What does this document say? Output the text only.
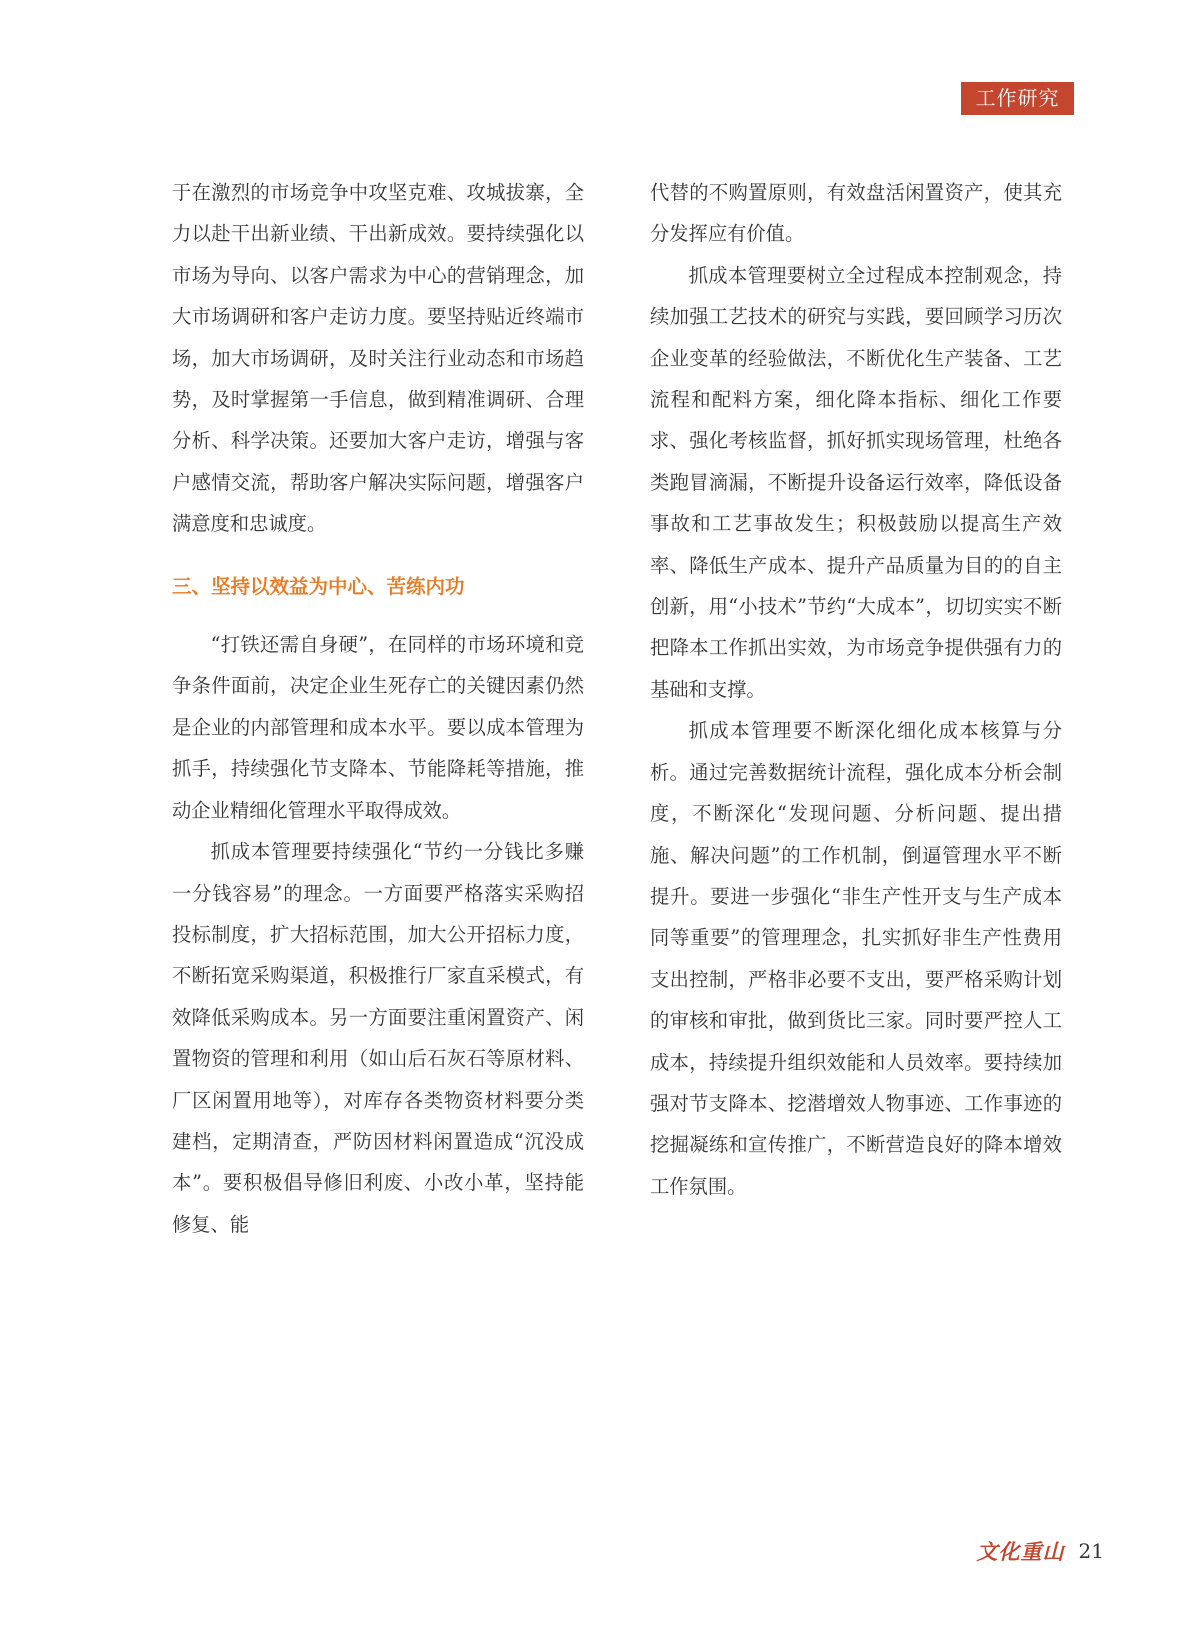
工作研究

于在激烈的市场竞争中攻坚克难、攻城拔寨，全力以赴干出新业绩、干出新成效。要持续强化以市场为导向、以客户需求为中心的营销理念，加大市场调研和客户走访力度。要坚持贴近终端市场，加大市场调研，及时关注行业动态和市场趋势，及时掌握第一手信息，做到精准调研、合理分析、科学决策。还要加大客户走访，增强与客户感情交流，帮助客户解决实际问题，增强客户满意度和忠诚度。

三、坚持以效益为中心、苦练内功

“打铁还需自身硬”，在同样的市场环境和竞争条件面前，决定企业生死存亡的关键因素仍然是企业的内部管理和成本水平。要以成本管理为抓手，持续强化节支降本、节能降耗等措施，推动企业精细化管理水平取得成效。

抓成本管理要持续强化“节约一分钱比多赚一分钱容易”的理念。一方面要严格落实采购招投标制度，扩大招标范围，加大公开招标力度，不断拓宽采购渠道，积极推行厂家直采模式，有效降低采购成本。另一方面要注重闲置资产、闲置物资的管理和利用（如山后石灰石等原材料、厂区闲置用地等），对库存各类物资材料要分类建档，定期清查，严防因材料闲置造成“沉没成本”。要积极倡导修旧利废、小改小革，坚持能修复、能

代替的不购置原则，有效盘活闲置资产，使其充分发挥应有价值。

抓成本管理要树立全过程成本控制观念，持续加强工艺技术的研究与实践，要回顾学习历次企业变革的经验做法，不断优化生产装备、工艺流程和配料方案，细化降本指标、细化工作要求、强化考核监督，抓好抓实现场管理，杜绝各类跑冒滴漏，不断提升设备运行效率，降低设备事故和工艺事故发生；积极鼓励以提高生产效率、降低生产成本、提升产品质量为目的的自主创新，用“小技术”节约“大成本”，切切实实不断把降本工作抓出实效，为市场竞争提供强有力的基础和支撑。

抓成本管理要不断深化细化成本核算与分析。通过完善数据统计流程，强化成本分析会制度，不断深化“发现问题、分析问题、提出措施、解决问题”的工作机制，倒逼管理水平不断提升。要进一步强化“非生产性开支与生产成本同等重要”的管理理念，扎实抓好非生产性费用支出控制，严格非必要不支出，要严格采购计划的审核和审批，做到货比三家。同时要严控人工成本，持续提升组织效能和人员效率。要持续加强对节支降本、挖潜增效人物事迹、工作事迹的挖掘凝练和宣传推广，不断营造良好的降本增效工作氛围。

文化重山 21
